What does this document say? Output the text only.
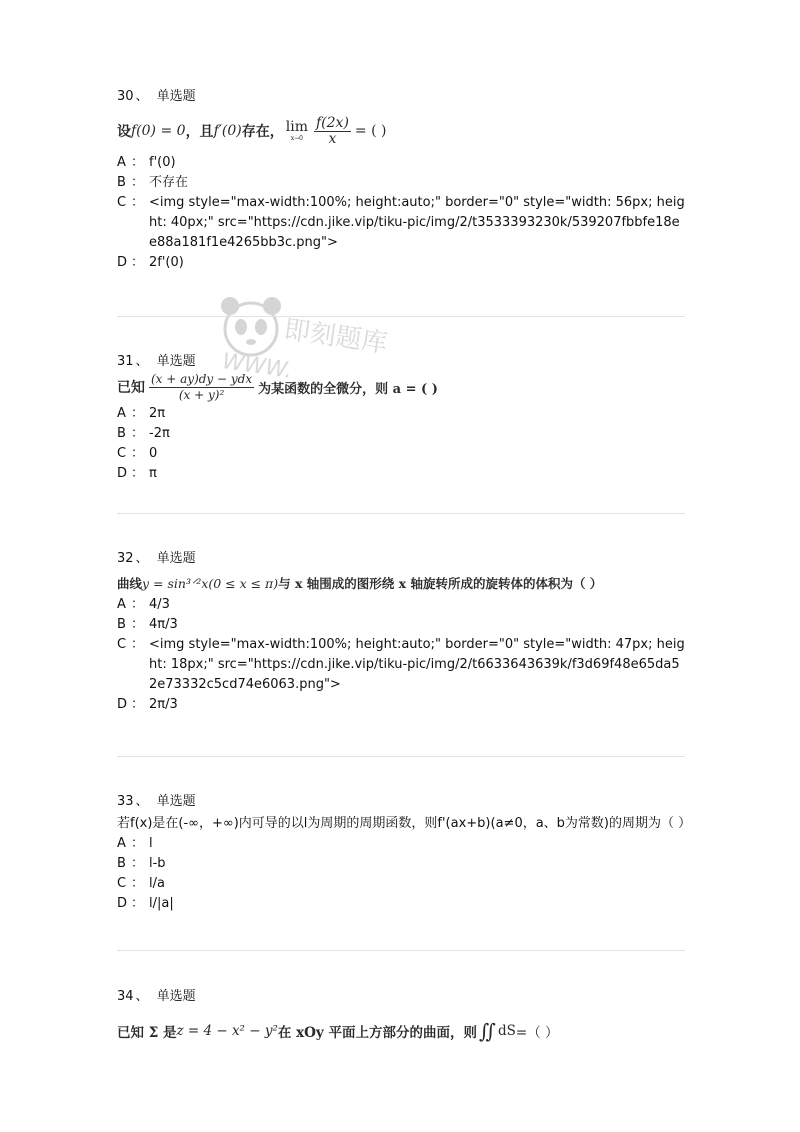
即刻题库
WWW.
30 、 单选题
设 f(0) = 0 ，且 f′(0) 存在， lim
$x\to 0 \frac{f(2x)}{x}$ = ( )
A ： f'(0)
B ： 不存在
C ： <img style="max-width:100%; height:auto;" border="0" style="width: 56px; height: 40px;" src="https://cdn.jike.vip/tiku-pic/img/2/t3533393230k/539207fbbfe18ee88a181f1e4265bb3c.png">
D ： 2f'(0)
31 、 单选题
已知 $\frac{\text{(x + ay)dy − ydx}}{\text{(x + y)²}}$ 为某函数的全微分，则 a = ( )
A ： 2π
B ： -2π
C ： 0
D ： π
32 、 单选题
曲线 y = sin³ᐟ²x(0 ≤ x ≤ π) 与 x 轴围成的图形绕 x 轴旋转所成的旋转体的体积为（ ）
A ： 4/3
B ： 4π/3
C ： <img style="max-width:100%; height:auto;" border="0" style="width: 47px; height: 18px;" src="https://cdn.jike.vip/tiku-pic/img/2/t6633643639k/f3d69f48e65da52e73332c5cd74e6063.png">
D ： 2π/3
33 、 单选题
若f(x)是在(-∞，+∞)内可导的以l为周期的周期函数，则f'(ax+b)(a≠0，a、b为常数)的周期为（ ）
A ： l
B ： l-b
C ： l/a
D ： l/|a|
34 、 单选题
已知 Σ 是 z = 4 − x² − y² 在 xOy 平面上方部分的曲面，则 ∬ dS =（ ）
